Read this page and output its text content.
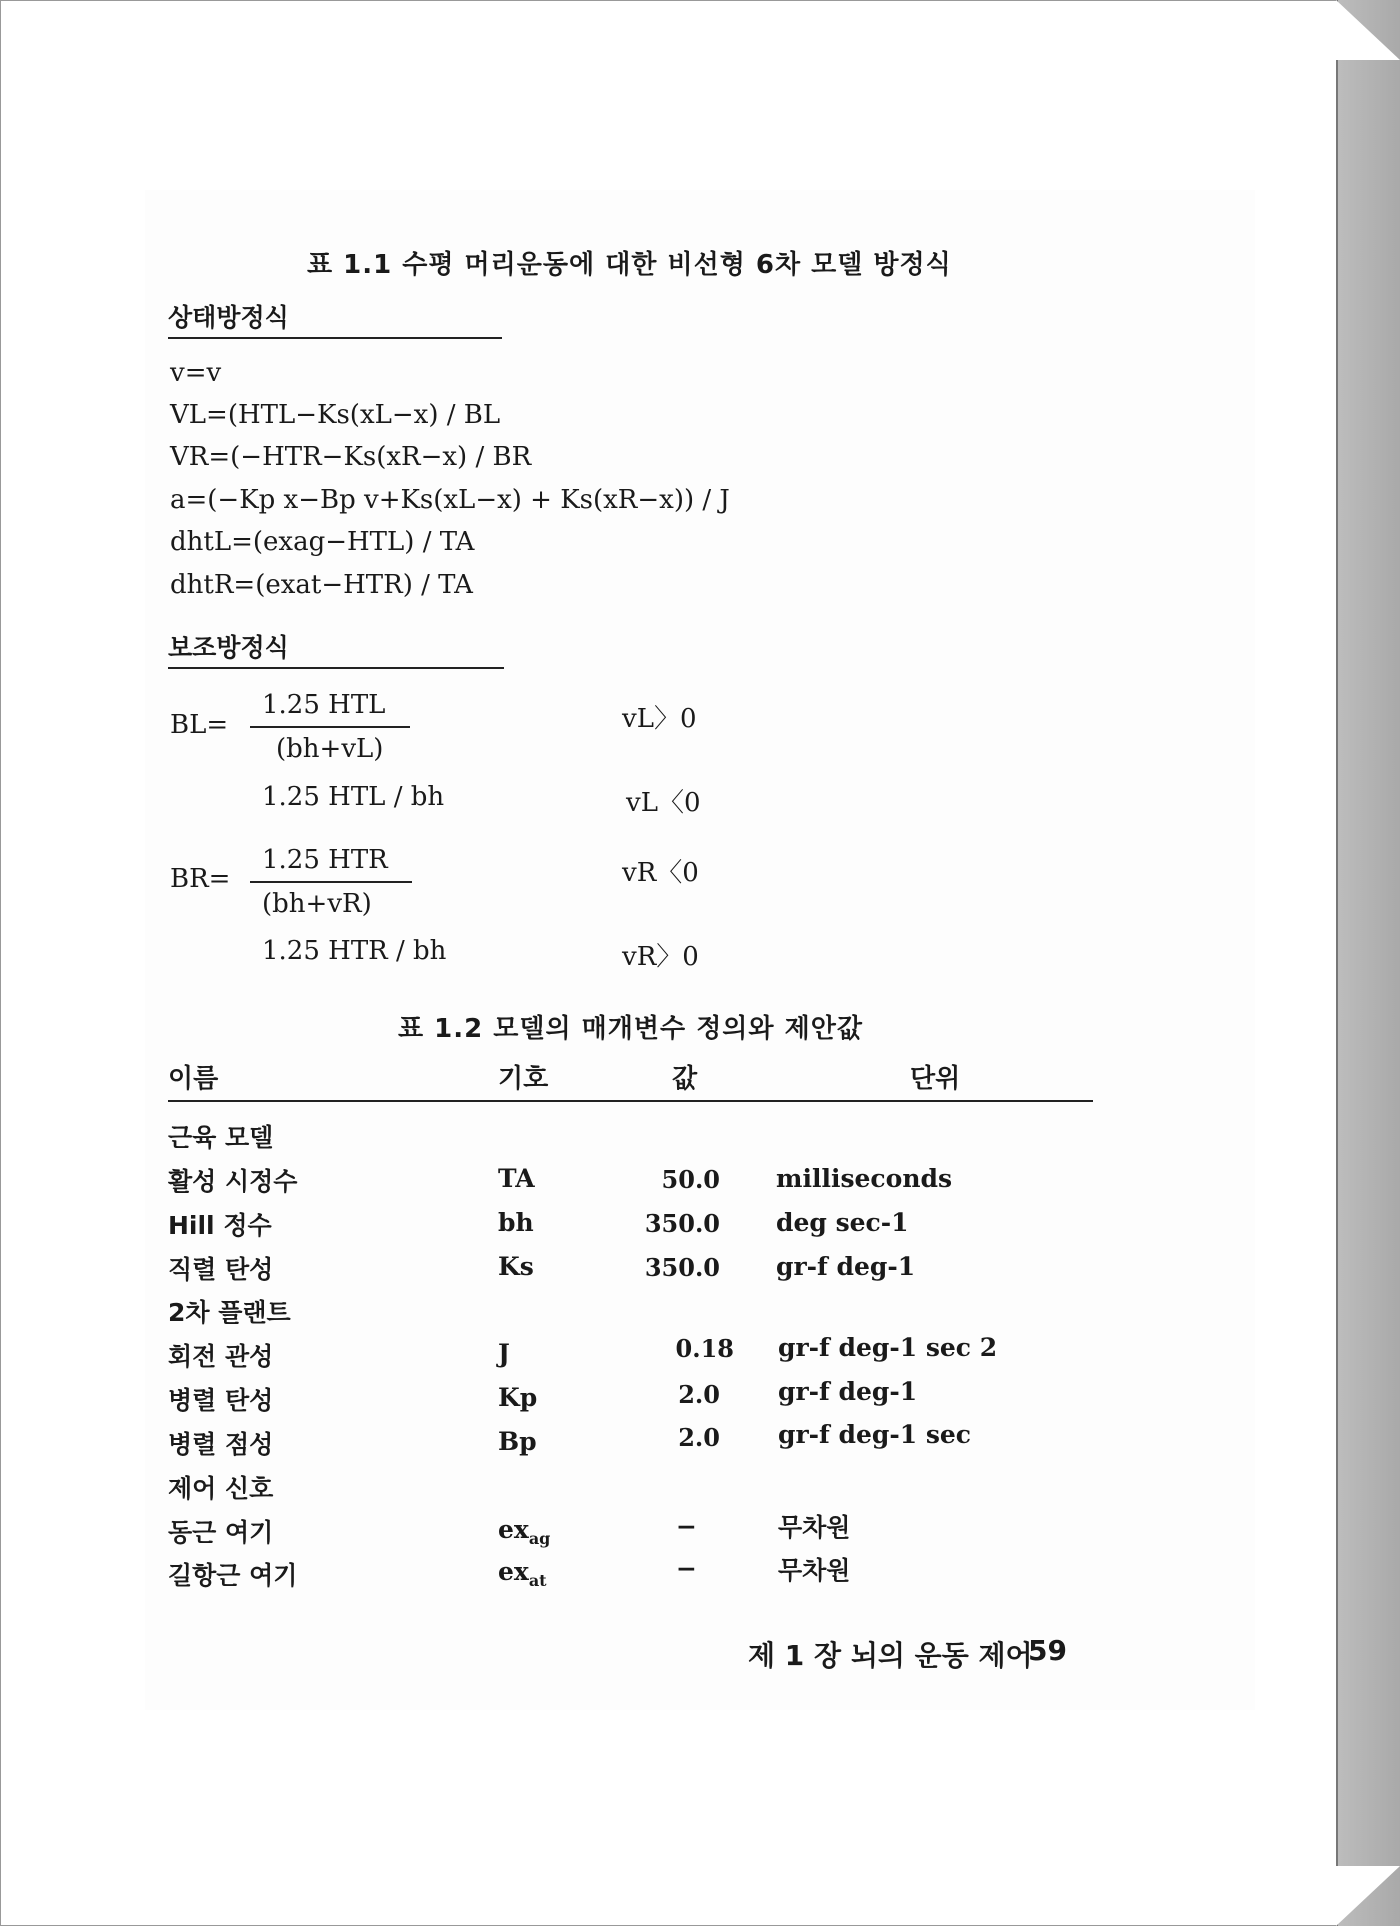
표 1.1 수평 머리운동에 대한 비선형 6차 모델 방정식
상태방정식
v=v
VL=(HTL−Ks(xL−x) / BL
VR=(−HTR−Ks(xR−x) / BR
a=(−Kp x−Bp v+Ks(xL−x) + Ks(xR−x)) / J
dhtL=(exag−HTL) / TA
dhtR=(exat−HTR) / TA
보조방정식
BL=
1.25 HTL
(bh+vL)
vL〉0
1.25 HTL / bh	vL〈0
BR=
1.25 HTR
(bh+vR)
vR〈0
1.25 HTR / bh	vR〉0
표 1.2 모델의 매개변수 정의와 제안값
이름	기호	값	단위
근육 모델
활성 시정수	TA	50.0 milliseconds
Hill 정수	bh	350.0 deg sec-1
직렬 탄성	Ks	350.0 gr-f deg-1
2차 플랜트
회전 관성	J	0.18 gr-f deg-1 sec 2
병렬 탄성	Kp	2.0 gr-f deg-1
병렬 점성	Bp	2.0 gr-f deg-1 sec
제어 신호
동근 여기	$ex_{ag}$	−	무차원
길항근 여기	$ex_{at}$	−	무차원
제 1 장 뇌의 운동 제어
59
